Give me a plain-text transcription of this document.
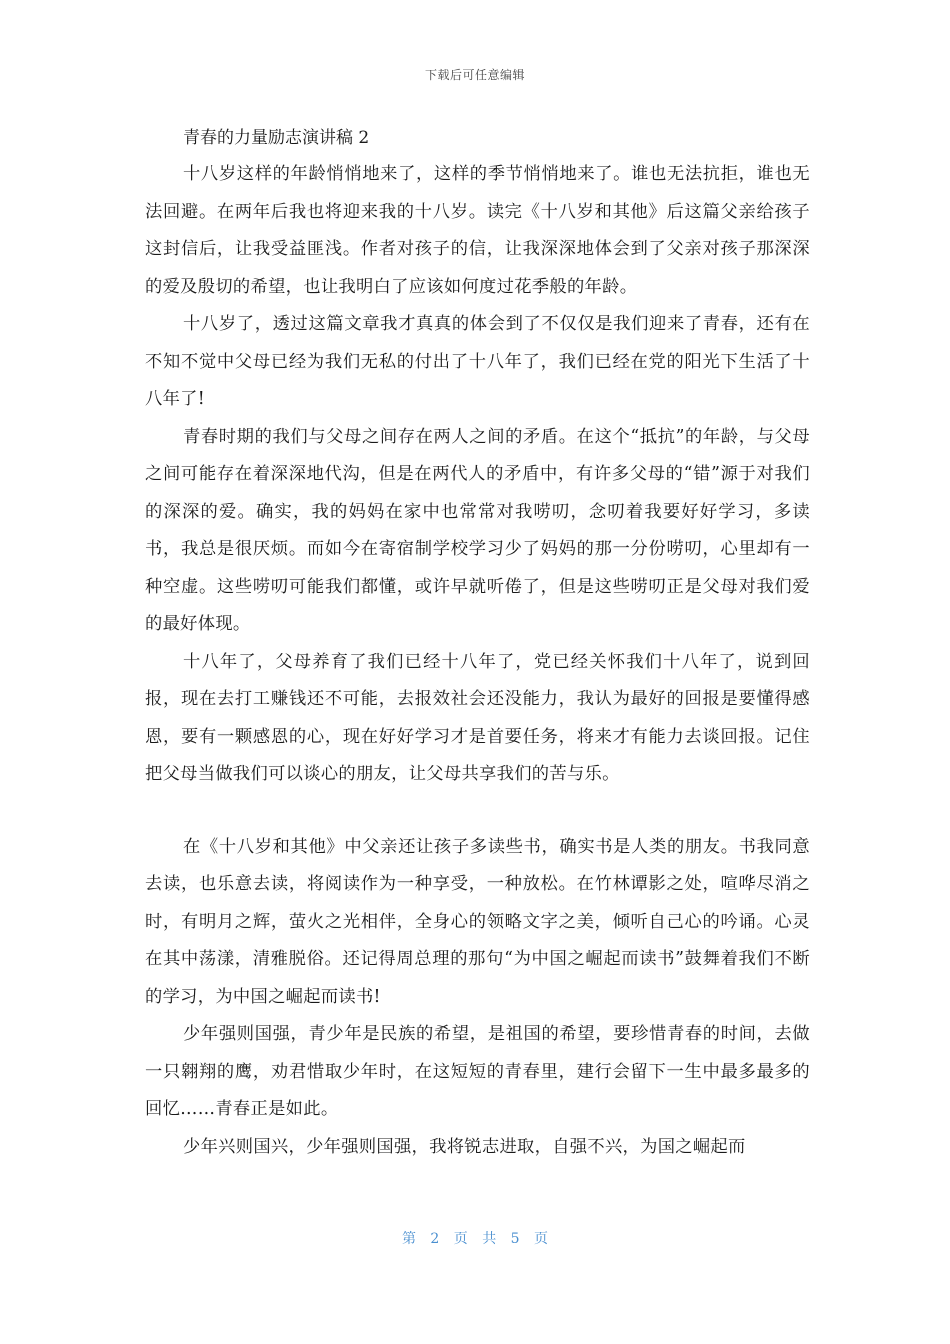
下载后可任意编辑

青春的力量励志演讲稿 2

十八岁这样的年龄悄悄地来了，这样的季节悄悄地来了。谁也无法抗拒，谁也无法回避。在两年后我也将迎来我的十八岁。读完《十八岁和其他》后这篇父亲给孩子这封信后，让我受益匪浅。作者对孩子的信，让我深深地体会到了父亲对孩子那深深的爱及殷切的希望，也让我明白了应该如何度过花季般的年龄。

十八岁了，透过这篇文章我才真真的体会到了不仅仅是我们迎来了青春，还有在不知不觉中父母已经为我们无私的付出了十八年了，我们已经在党的阳光下生活了十八年了!

青春时期的我们与父母之间存在两人之间的矛盾。在这个“抵抗”的年龄，与父母之间可能存在着深深地代沟，但是在两代人的矛盾中，有许多父母的“错”源于对我们的深深的爱。确实，我的妈妈在家中也常常对我唠叨，念叨着我要好好学习，多读书，我总是很厌烦。而如今在寄宿制学校学习少了妈妈的那一分份唠叨，心里却有一种空虚。这些唠叨可能我们都懂，或许早就听倦了，但是这些唠叨正是父母对我们爱的最好体现。

十八年了，父母养育了我们已经十八年了，党已经关怀我们十八年了，说到回报，现在去打工赚钱还不可能，去报效社会还没能力，我认为最好的回报是要懂得感恩，要有一颗感恩的心，现在好好学习才是首要任务，将来才有能力去谈回报。记住把父母当做我们可以谈心的朋友，让父母共享我们的苦与乐。

在《十八岁和其他》中父亲还让孩子多读些书，确实书是人类的朋友。书我同意去读，也乐意去读，将阅读作为一种享受，一种放松。在竹林谭影之处，喧哗尽消之时，有明月之辉，萤火之光相伴，全身心的领略文字之美，倾听自己心的吟诵。心灵在其中荡漾，清雅脱俗。还记得周总理的那句“为中国之崛起而读书”鼓舞着我们不断的学习，为中国之崛起而读书!

少年强则国强，青少年是民族的希望，是祖国的希望，要珍惜青春的时间，去做一只翱翔的鹰，劝君惜取少年时，在这短短的青春里，建行会留下一生中最多最多的回忆……青春正是如此。

少年兴则国兴，少年强则国强，我将锐志进取，自强不兴，为国之崛起而

第 2 页 共 5 页
